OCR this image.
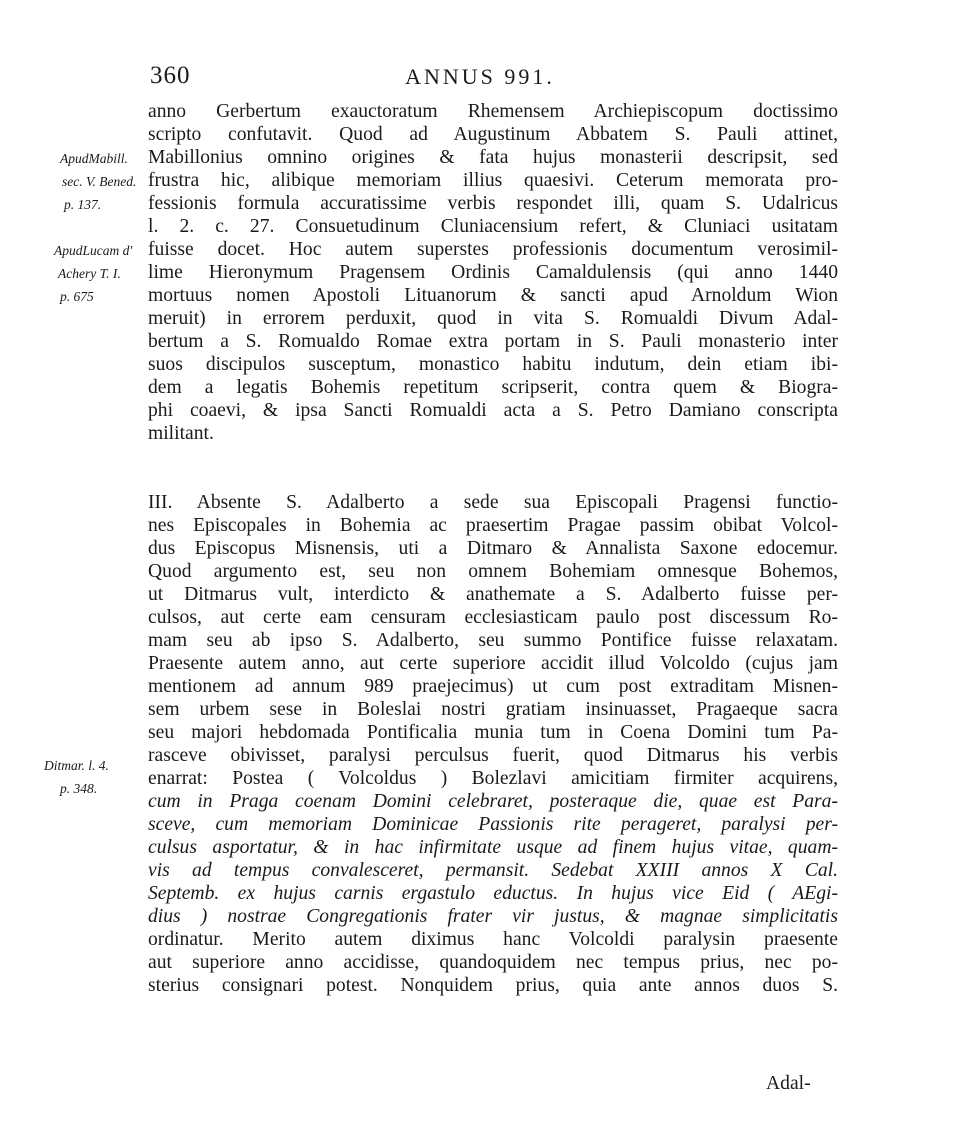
360	ANNUS 991.
anno Gerbertum exauctoratum Rhemensem Archiepiscopum doctissimo
scripto confutavit. Quod ad Augustinum Abbatem S. Pauli attinet,
Mabillonius omnino origines & fata hujus monasterii descripsit, sed
frustra hic, alibique memoriam illius quaesivi. Ceterum memorata pro-
fessionis formula accuratissime verbis respondet illi, quam S. Udalricus
l. 2. c. 27. Consuetudinum Cluniacensium refert, & Cluniaci usitatam
fuisse docet. Hoc autem superstes professionis documentum verosimil-
lime Hieronymum Pragensem Ordinis Camaldulensis (qui anno 1440
mortuus nomen Apostoli Lituanorum & sancti apud Arnoldum Wion
meruit) in errorem perduxit, quod in vita S. Romualdi Divum Adal-
bertum a S. Romualdo Romae extra portam in S. Pauli monasterio inter
suos discipulos susceptum, monastico habitu indutum, dein etiam ibi-
dem a legatis Bohemis repetitum scripserit, contra quem & Biogra-
phi coaevi, & ipsa Sancti Romualdi acta a S. Petro Damiano conscripta
militant.
III. Absente S. Adalberto a sede sua Episcopali Pragensi functio-
nes Episcopales in Bohemia ac praesertim Pragae passim obibat Volcol-
dus Episcopus Misnensis, uti a Ditmaro & Annalista Saxone edocemur.
Quod argumento est, seu non omnem Bohemiam omnesque Bohemos,
ut Ditmarus vult, interdicto & anathemate a S. Adalberto fuisse per-
culsos, aut certe eam censuram ecclesiasticam paulo post discessum Ro-
mam seu ab ipso S. Adalberto, seu summo Pontifice fuisse relaxatam.
Praesente autem anno, aut certe superiore accidit illud Volcoldo (cujus jam
mentionem ad annum 989 praejecimus) ut cum post extraditam Misnen-
sem urbem sese in Boleslai nostri gratiam insinuasset, Pragaeque sacra
seu majori hebdomada Pontificalia munia tum in Coena Domini tum Pa-
rasceve obivisset, paralysi perculsus fuerit, quod Ditmarus his verbis
enarrat: Postea ( Volcoldus ) Bolezlavi amicitiam firmiter acquirens,
cum in Praga coenam Domini celebraret, posteraque die, quae est Para-
sceve, cum memoriam Dominicae Passionis rite perageret, paralysi per-
culsus asportatur, & in hac infirmitate usque ad finem hujus vitae, quam-
vis ad tempus convalesceret, permansit. Sedebat XXIII annos X Cal.
Septemb. ex hujus carnis ergastulo eductus. In hujus vice Eid ( AEgi-
dius ) nostrae Congregationis frater vir justus, & magnae simplicitatis
ordinatur. Merito autem diximus hanc Volcoldi paralysin praesente
aut superiore anno accidisse, quandoquidem nec tempus prius, nec po-
sterius consignari potest. Nonquidem prius, quia ante annos duos S.
Adal-
ApudMabill.
sec. V. Bened.
p. 137.
ApudLucam d'
Achery T. I.
p. 675
Ditmar. l. 4.
p. 348.
